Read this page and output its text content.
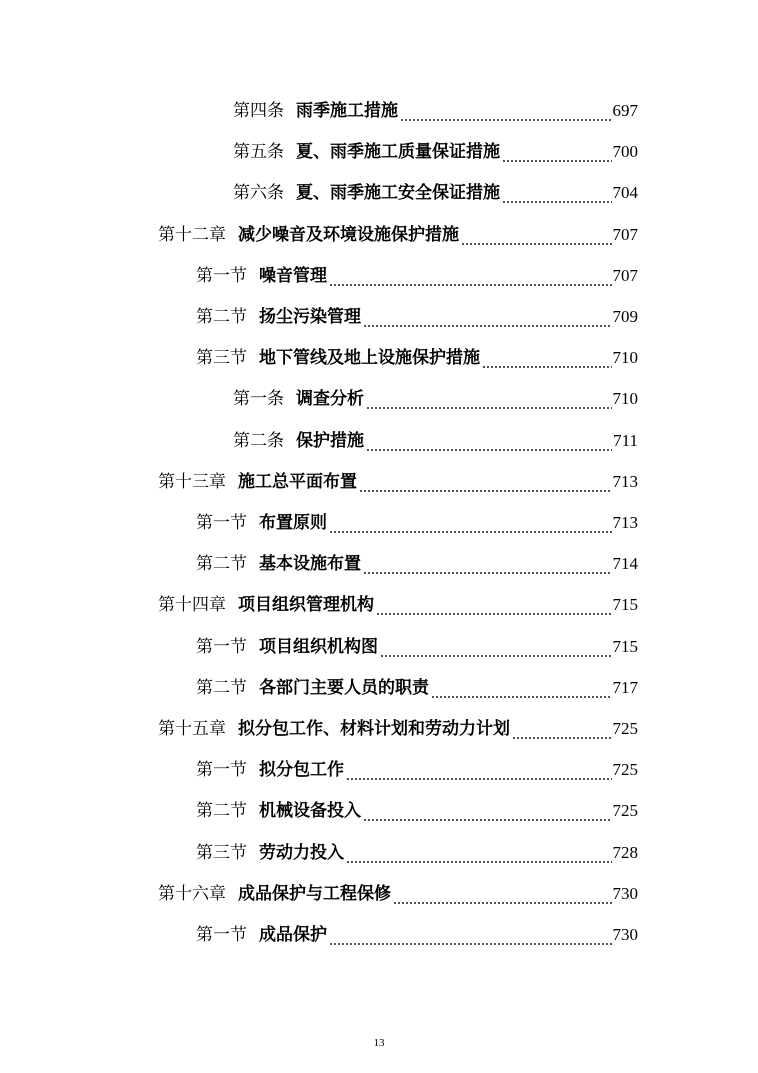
第四条 雨季施工措施	697
第五条 夏、雨季施工质量保证措施	700
第六条 夏、雨季施工安全保证措施	704
第十二章 减少噪音及环境设施保护措施	707
第一节 噪音管理	707
第二节 扬尘污染管理	709
第三节 地下管线及地上设施保护措施	710
第一条 调查分析	710
第二条 保护措施	711
第十三章 施工总平面布置	713
第一节 布置原则	713
第二节 基本设施布置	714
第十四章 项目组织管理机构	715
第一节 项目组织机构图	715
第二节 各部门主要人员的职责	717
第十五章 拟分包工作、材料计划和劳动力计划	725
第一节 拟分包工作	725
第二节 机械设备投入	725
第三节 劳动力投入	728
第十六章 成品保护与工程保修	730
第一节 成品保护	730
13
